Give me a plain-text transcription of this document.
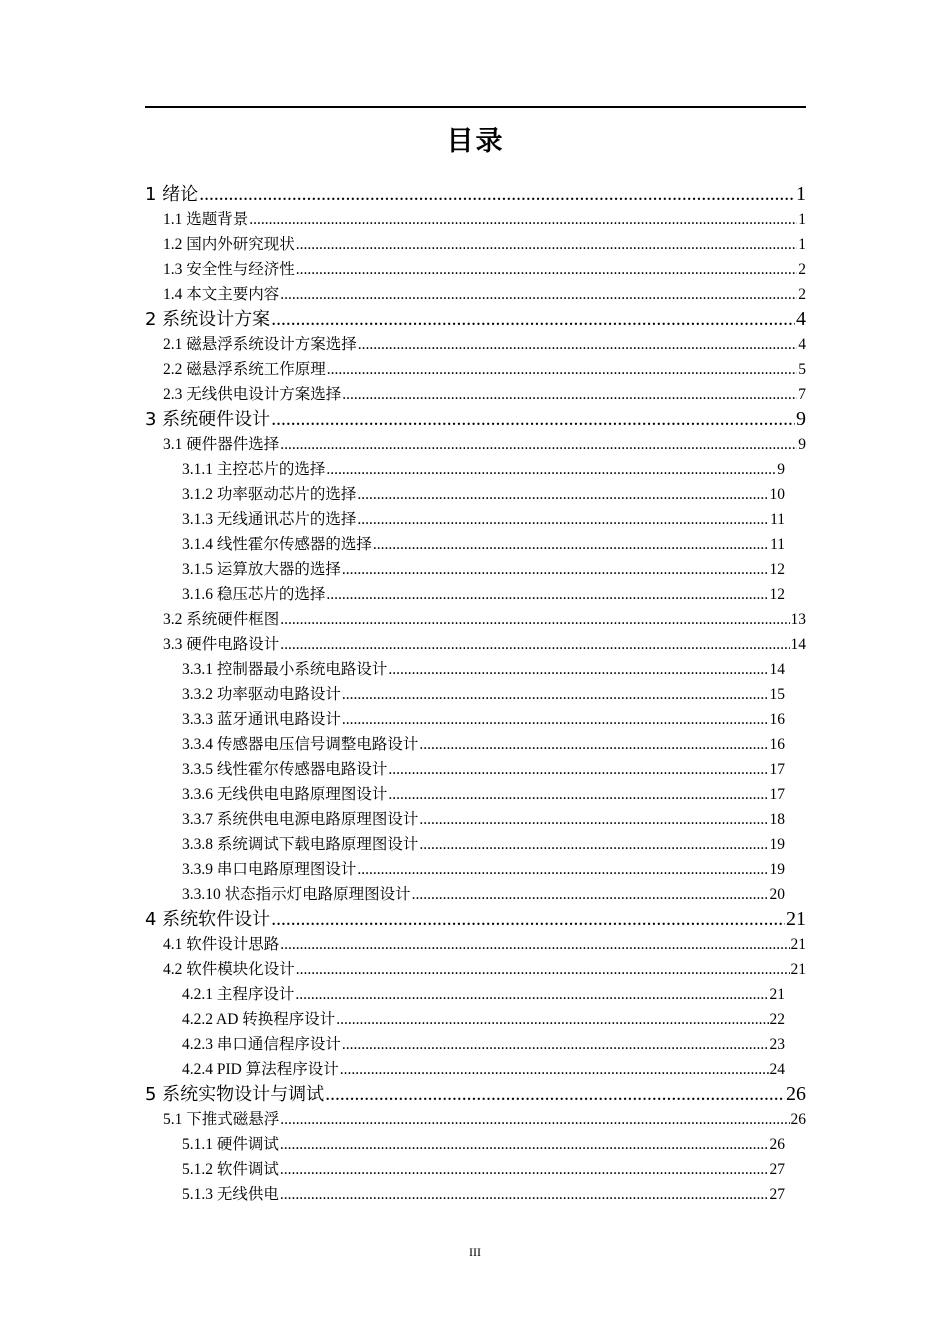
目录
1 绪论 .....	1
1.1 选题背景 .....	1
1.2 国内外研究现状 .....	1
1.3 安全性与经济性 .....	2
1.4 本文主要内容 .....	2
2 系统设计方案 .....	4
2.1 磁悬浮系统设计方案选择 .....	4
2.2 磁悬浮系统工作原理 .....	5
2.3 无线供电设计方案选择 .....	7
3 系统硬件设计 .....	9
3.1 硬件器件选择 .....	9
3.1.1 主控芯片的选择 .....	9
3.1.2 功率驱动芯片的选择 .....	10
3.1.3 无线通讯芯片的选择 .....	11
3.1.4 线性霍尔传感器的选择 .....	11
3.1.5 运算放大器的选择 .....	12
3.1.6 稳压芯片的选择 .....	12
3.2 系统硬件框图 .....	13
3.3 硬件电路设计 .....	14
3.3.1 控制器最小系统电路设计 .....	14
3.3.2 功率驱动电路设计 .....	15
3.3.3 蓝牙通讯电路设计 .....	16
3.3.4 传感器电压信号调整电路设计 .....	16
3.3.5 线性霍尔传感器电路设计 .....	17
3.3.6 无线供电电路原理图设计 .....	17
3.3.7 系统供电电源电路原理图设计 .....	18
3.3.8 系统调试下载电路原理图设计 .....	19
3.3.9 串口电路原理图设计 .....	19
3.3.10 状态指示灯电路原理图设计 .....	20
4 系统软件设计 .....	21
4.1 软件设计思路 .....	21
4.2 软件模块化设计 .....	21
4.2.1 主程序设计 .....	21
4.2.2 AD 转换程序设计 .....	22
4.2.3 串口通信程序设计 .....	23
4.2.4 PID 算法程序设计 .....	24
5 系统实物设计与调试 .....	26
5.1 下推式磁悬浮 .....	26
5.1.1 硬件调试 .....	26
5.1.2 软件调试 .....	27
5.1.3 无线供电 .....	27
III
